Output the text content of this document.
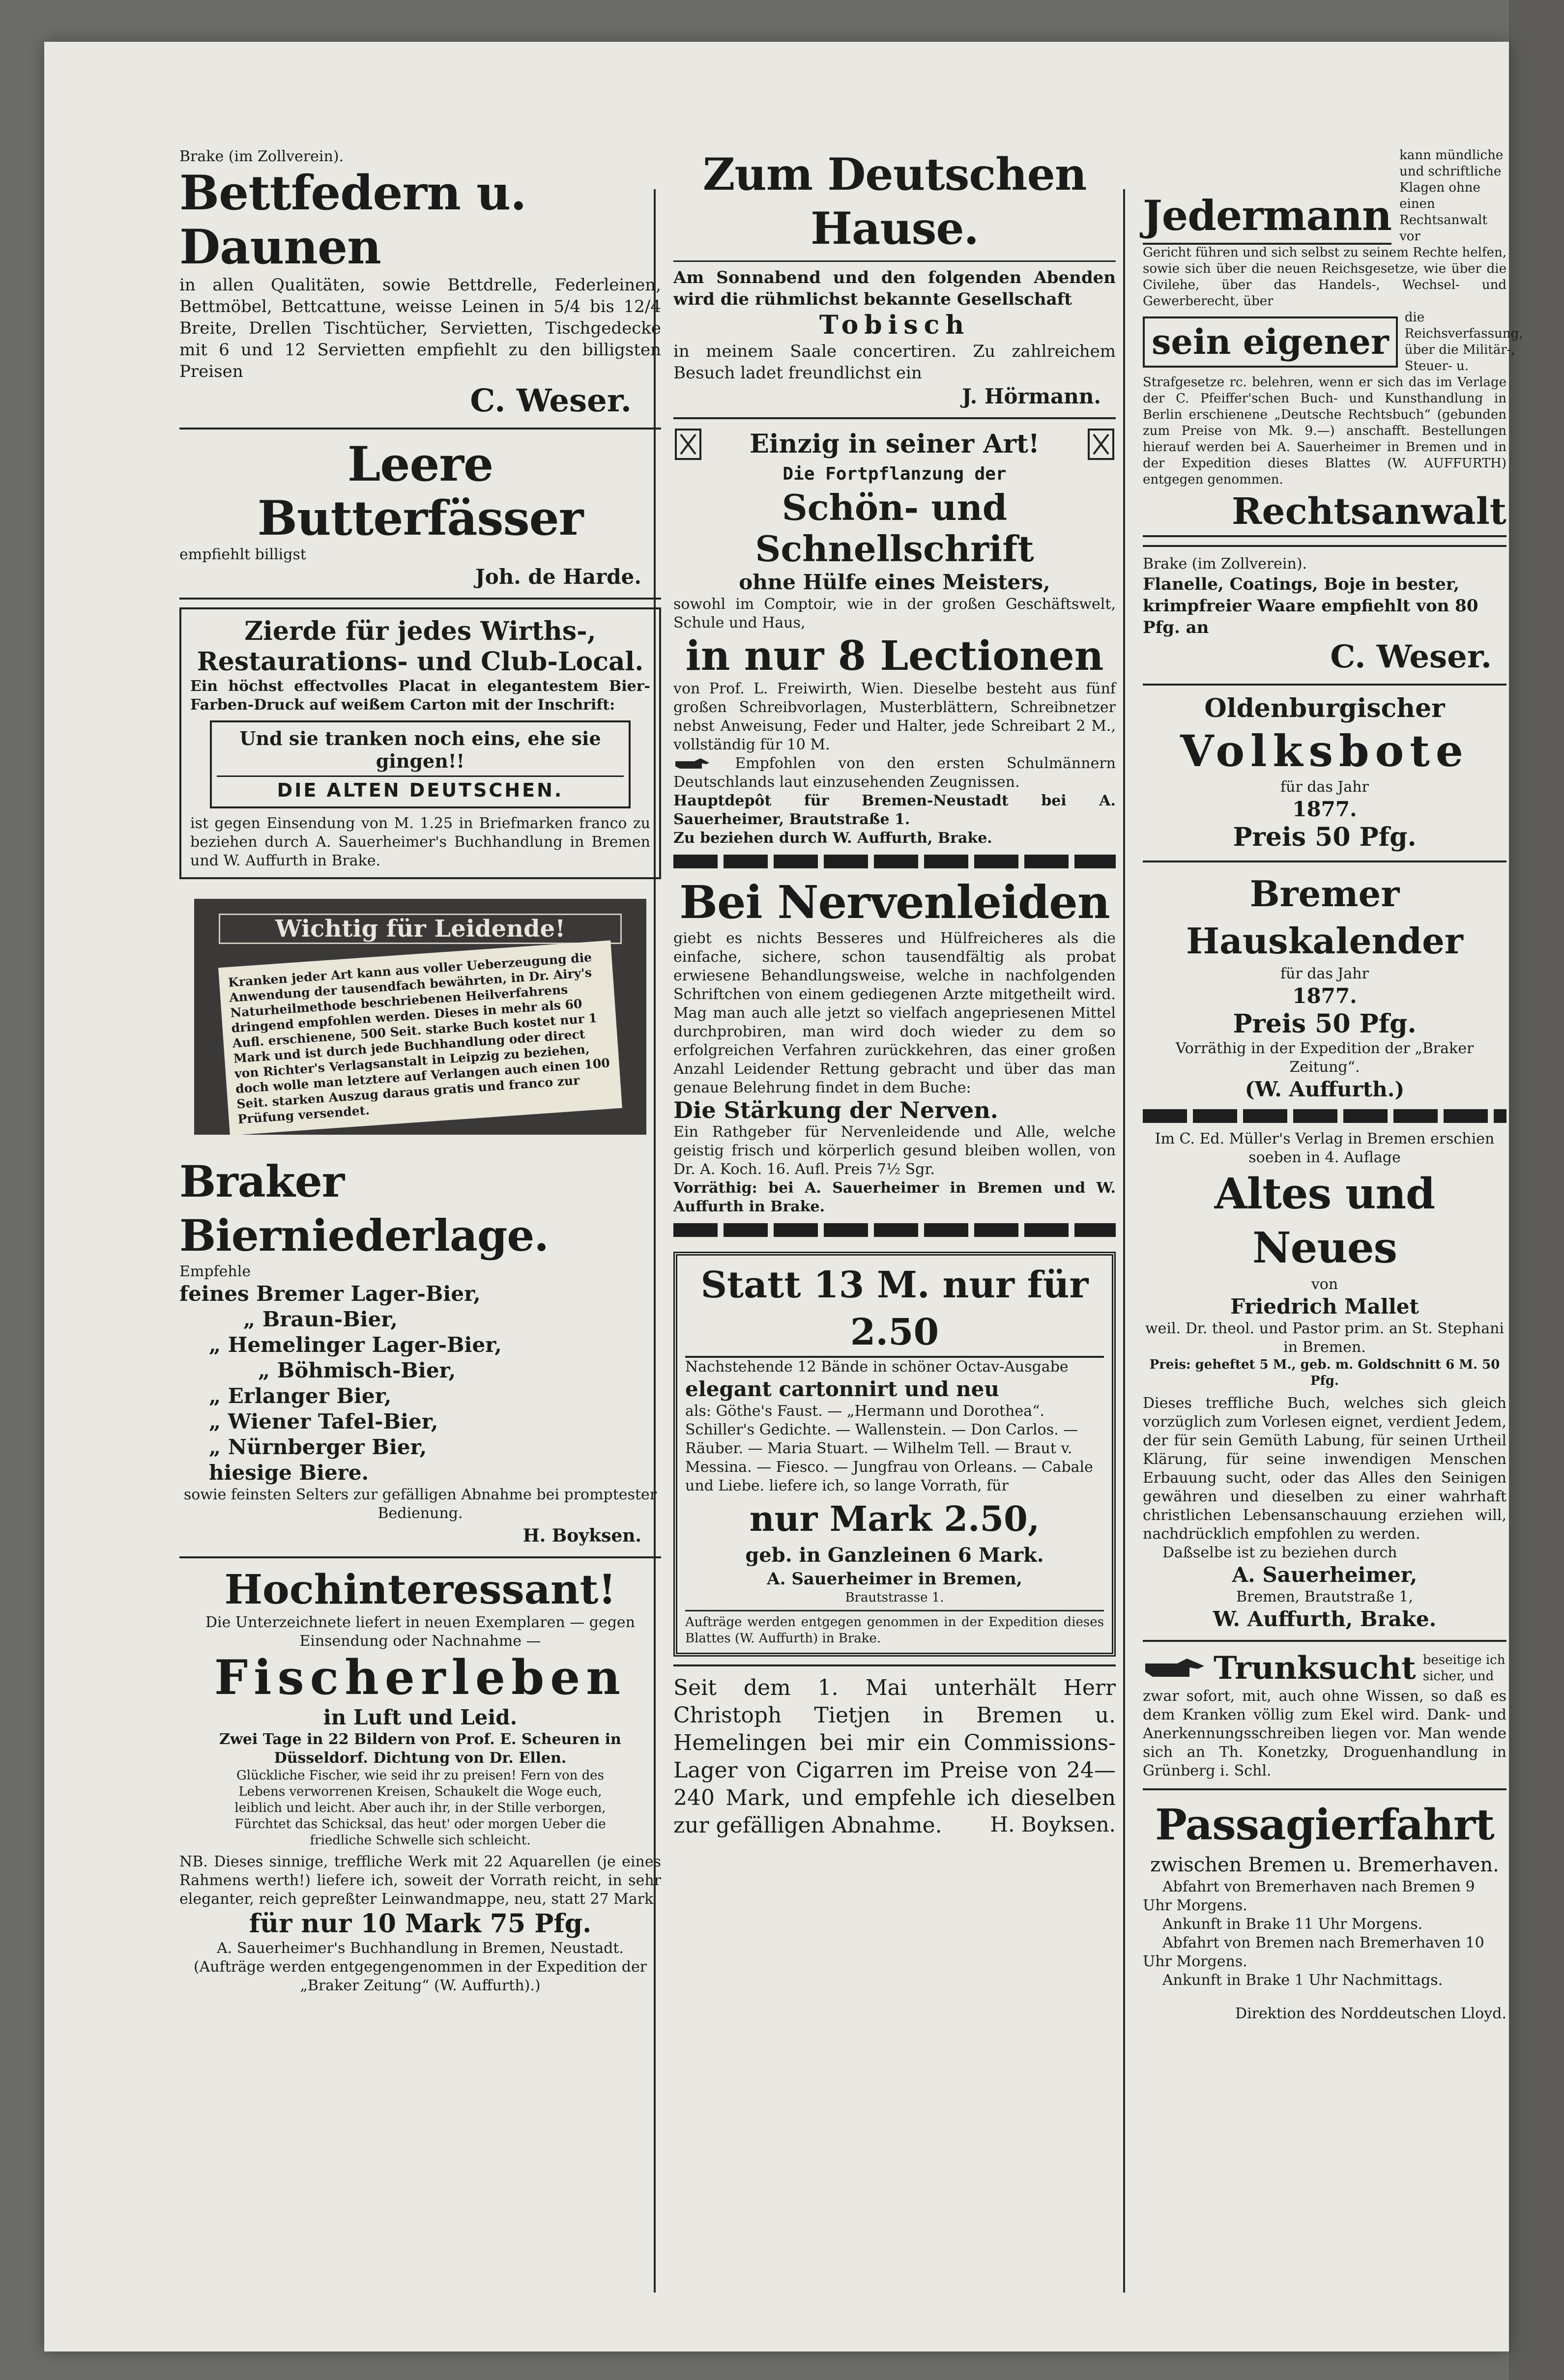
Brake (im Zollverein).
Bettfedern u. Daunen
in allen Qualitäten, sowie Bettdrelle, Federleinen, Bettmöbel, Bettcattune, weisse Leinen in 5/4 bis 12/4 Breite, Drellen Tischtücher, Servietten, Tischgedecke mit 6 und 12 Servietten empfiehlt zu den billigsten Preisen
C. Weser.
Leere Butterfässer
empfiehlt billigst
Joh. de Harde.
Zierde für jedes Wirths-, Restaurations- und Club-Local.
Ein höchst effectvolles Placat in elegantestem Bier-Farben-Druck auf weißem Carton mit der Inschrift:
Und sie tranken noch eins, ehe sie gingen!!
DIE ALTEN DEUTSCHEN.
ist gegen Einsendung von M. 1.25 in Briefmarken franco zu beziehen durch A. Sauerheimer's Buchhandlung in Bremen und W. Auffurth in Brake.
Wichtig für Leidende!
Kranken jeder Art kann aus voller Ueberzeugung die Anwendung der tausendfach bewährten, in Dr. Airy's Naturheilmethode beschriebenen Heilverfahrens dringend empfohlen werden. Dieses in mehr als 60 Aufl. erschienene, 500 Seit. starke Buch kostet nur 1 Mark und ist durch jede Buchhandlung oder direct von Richter's Verlagsanstalt in Leipzig zu beziehen, doch wolle man letztere auf Verlangen auch einen 100 Seit. starken Auszug daraus gratis und franco zur Prüfung versendet.
Braker Bierniederlage.
Empfehle
feines Bremer Lager-Bier,
„ Braun-Bier,
„ Hemelinger Lager-Bier,
„ Böhmisch-Bier,
„ Erlanger Bier,
„ Wiener Tafel-Bier,
„ Nürnberger Bier,
hiesige Biere.
sowie feinsten Selters zur gefälligen Abnahme bei promptester Bedienung.
H. Boyksen.
Hochinteressant!
Die Unterzeichnete liefert in neuen Exemplaren — gegen Einsendung oder Nachnahme —
Fischerleben
in Luft und Leid.
Zwei Tage in 22 Bildern von Prof. E. Scheuren in Düsseldorf. Dichtung von Dr. Ellen.
Glückliche Fischer, wie seid ihr zu preisen! Fern von des Lebens verworrenen Kreisen, Schaukelt die Woge euch, leiblich und leicht. Aber auch ihr, in der Stille verborgen, Fürchtet das Schicksal, das heut' oder morgen Ueber die friedliche Schwelle sich schleicht.
NB. Dieses sinnige, treffliche Werk mit 22 Aquarellen (je eines Rahmens werth!) liefere ich, soweit der Vorrath reicht, in sehr eleganter, reich gepreßter Leinwandmappe, neu, statt 27 Mark
für nur 10 Mark 75 Pfg.
A. Sauerheimer's Buchhandlung in Bremen, Neustadt.
(Aufträge werden entgegengenommen in der Expedition der „Braker Zeitung“ (W. Auffurth).)
Zum Deutschen Hause.
Am Sonnabend und den folgenden Abenden wird die rühmlichst bekannte Gesellschaft
Tobisch
in meinem Saale concertiren. Zu zahlreichem Besuch ladet freundlichst ein
J. Hörmann.
Einzig in seiner Art!
Die Fortpflanzung der
Schön- und Schnellschrift
ohne Hülfe eines Meisters,
sowohl im Comptoir, wie in der großen Geschäftswelt, Schule und Haus,
in nur 8 Lectionen
von Prof. L. Freiwirth, Wien. Dieselbe besteht aus fünf großen Schreibvorlagen, Musterblättern, Schreibnetzer nebst Anweisung, Feder und Halter, jede Schreibart 2 M., vollständig für 10 M.
Empfohlen von den ersten Schulmännern Deutschlands laut einzusehenden Zeugnissen.
Hauptdepôt für Bremen-Neustadt bei A. Sauerheimer, Brautstraße 1.
Zu beziehen durch W. Auffurth, Brake.
Bei Nervenleiden
giebt es nichts Besseres und Hülfreicheres als die einfache, sichere, schon tausendfältig als probat erwiesene Behandlungsweise, welche in nachfolgenden Schriftchen von einem gediegenen Arzte mitgetheilt wird. Mag man auch alle jetzt so vielfach angepriesenen Mittel durchprobiren, man wird doch wieder zu dem so erfolgreichen Verfahren zurückkehren, das einer großen Anzahl Leidender Rettung gebracht und über das man genaue Belehrung findet in dem Buche:
Die Stärkung der Nerven.
Ein Rathgeber für Nervenleidende und Alle, welche geistig frisch und körperlich gesund bleiben wollen, von Dr. A. Koch. 16. Aufl. Preis 7½ Sgr.
Vorräthig: bei A. Sauerheimer in Bremen und W. Auffurth in Brake.
Statt 13 M. nur für 2.50
Nachstehende 12 Bände in schöner Octav-Ausgabe
elegant cartonnirt und neu
als: Göthe's Faust. — „Hermann und Dorothea“. Schiller's Gedichte. — Wallenstein. — Don Carlos. — Räuber. — Maria Stuart. — Wilhelm Tell. — Braut v. Messina. — Fiesco. — Jungfrau von Orleans. — Cabale und Liebe. liefere ich, so lange Vorrath, für
nur Mark 2.50,
geb. in Ganzleinen 6 Mark.
A. Sauerheimer in Bremen,
Brautstrasse 1.
Aufträge werden entgegen genommen in der Expedition dieses Blattes (W. Auffurth) in Brake.
Seit dem 1. Mai unterhält Herr Christoph Tietjen in Bremen u. Hemelingen bei mir ein Commissions-Lager von Cigarren im Preise von 24—240 Mark, und empfehle ich dieselben zur gefälligen Abnahme.	H. Boyksen.
Jedermann
kann mündliche und schriftliche Klagen ohne einen Rechtsanwalt vor
Gericht führen und sich selbst zu seinem Rechte helfen, sowie sich über die neuen Reichsgesetze, wie über die Civilehe, über das Handels-, Wechsel- und Gewerberecht, über
sein eigener
die Reichsverfassung, über die Militär-, Steuer- u.
Strafgesetze rc. belehren, wenn er sich das im Verlage der C. Pfeiffer'schen Buch- und Kunsthandlung in Berlin erschienene „Deutsche Rechtsbuch“ (gebunden zum Preise von Mk. 9.—) anschafft. Bestellungen hierauf werden bei A. Sauerheimer in Bremen und in der Expedition dieses Blattes (W. AUFFURTH) entgegen genommen.
Rechtsanwalt
Brake (im Zollverein).
Flanelle, Coatings, Boje in bester, krimpfreier Waare empfiehlt von 80 Pfg. an
C. Weser.
Oldenburgischer
Volksbote
für das Jahr
1877.
Preis 50 Pfg.
Bremer Hauskalender
für das Jahr
1877.
Preis 50 Pfg.
Vorräthig in der Expedition der „Braker Zeitung“.
(W. Auffurth.)
Im C. Ed. Müller's Verlag in Bremen erschien soeben in 4. Auflage
Altes und Neues
von
Friedrich Mallet
weil. Dr. theol. und Pastor prim. an St. Stephani in Bremen.
Preis: geheftet 5 M., geb. m. Goldschnitt 6 M. 50 Pfg.
Dieses treffliche Buch, welches sich gleich vorzüglich zum Vorlesen eignet, verdient Jedem, der für sein Gemüth Labung, für seinen Urtheil Klärung, für seine inwendigen Menschen Erbauung sucht, oder das Alles den Seinigen gewähren und dieselben zu einer wahrhaft christlichen Lebensanschauung erziehen will, nachdrücklich empfohlen zu werden.
Daßselbe ist zu beziehen durch
A. Sauerheimer,
Bremen, Brautstraße 1,
W. Auffurth, Brake.
Trunksucht beseitige ich sicher, und
zwar sofort, mit, auch ohne Wissen, so daß es dem Kranken völlig zum Ekel wird. Dank- und Anerkennungsschreiben liegen vor. Man wende sich an Th. Konetzky, Droguenhandlung in Grünberg i. Schl.
Passagierfahrt
zwischen Bremen u. Bremerhaven.
Abfahrt von Bremerhaven nach Bremen 9 Uhr Morgens.
Ankunft in Brake 11 Uhr Morgens.
Abfahrt von Bremen nach Bremerhaven 10 Uhr Morgens.
Ankunft in Brake 1 Uhr Nachmittags.
Direktion des Norddeutschen Lloyd.
